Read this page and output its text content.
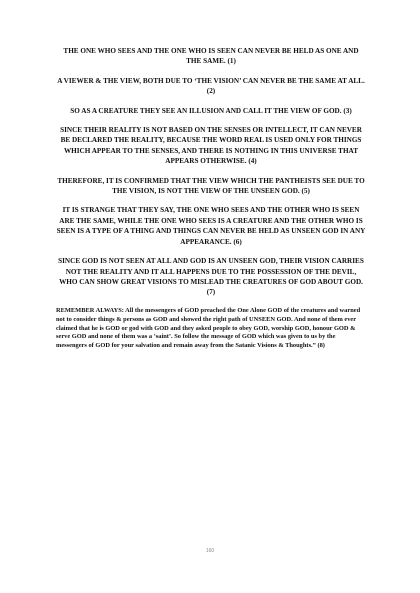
THE ONE WHO SEES AND THE ONE WHO IS SEEN CAN NEVER BE HELD AS ONE AND THE SAME. (1)

A VIEWER & THE VIEW, BOTH DUE TO ‘THE VISION’ CAN NEVER BE THE SAME AT ALL. (2)

SO AS A CREATURE THEY SEE AN ILLUSION AND CALL IT THE VIEW OF GOD. (3)

SINCE THEIR REALITY IS NOT BASED ON THE SENSES OR INTELLECT, IT CAN NEVER BE DECLARED THE REALITY, BECAUSE THE WORD REAL IS USED ONLY FOR THINGS WHICH APPEAR TO THE SENSES, AND THERE IS NOTHING IN THIS UNIVERSE THAT APPEARS OTHERWISE. (4)

THEREFORE, IT IS CONFIRMED THAT THE VIEW WHICH THE PANTHEISTS SEE DUE TO THE VISION, IS NOT THE VIEW OF THE UNSEEN GOD. (5)

IT IS STRANGE THAT THEY SAY, THE ONE WHO SEES AND THE OTHER WHO IS SEEN ARE THE SAME, WHILE THE ONE WHO SEES IS A CREATURE AND THE OTHER WHO IS SEEN IS A TYPE OF A THING AND THINGS CAN NEVER BE HELD AS UNSEEN GOD IN ANY APPEARANCE. (6)

SINCE GOD IS NOT SEEN AT ALL AND GOD IS AN UNSEEN GOD, THEIR VISION CARRIES NOT THE REALITY AND IT ALL HAPPENS DUE TO THE POSSESSION OF THE DEVIL, WHO CAN SHOW GREAT VISIONS TO MISLEAD THE CREATURES OF GOD ABOUT GOD. (7)

REMEMBER ALWAYS: All the messengers of GOD preached the One Alone GOD of the creatures and warned not to consider things & persons as GOD and showed the right path of UNSEEN GOD. And none of them ever claimed that he is GOD or god with GOD and they asked people to obey GOD, worship GOD, honour GOD & serve GOD and none of them was a ‘saint’. So follow the message of GOD which was given to us by the messengers of GOD for your salvation and remain away from the Satanic Visions & Thoughts.” (8)

160
